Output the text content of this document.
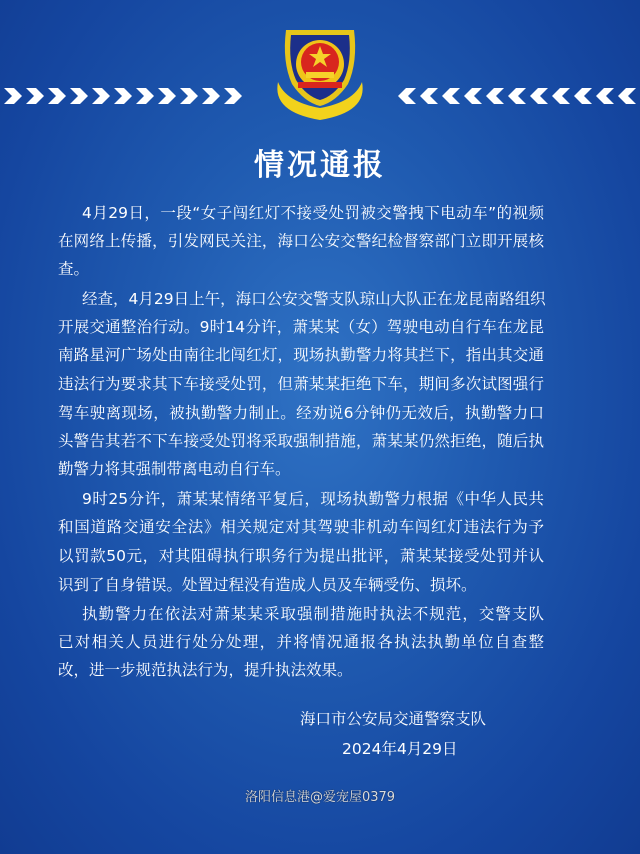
情况通报
4月29日，一段“女子闯红灯不接受处罚被交警拽下电动车”的视频
在网络上传播，引发网民关注，海口公安交警纪检督察部门立即开展核
查。
经查，4月29日上午，海口公安交警支队琼山大队正在龙昆南路组织
开展交通整治行动。9时14分许，萧某某（女）驾驶电动自行车在龙昆
南路星河广场处由南往北闯红灯，现场执勤警力将其拦下，指出其交通
违法行为要求其下车接受处罚，但萧某某拒绝下车，期间多次试图强行
驾车驶离现场，被执勤警力制止。经劝说6分钟仍无效后，执勤警力口
头警告其若不下车接受处罚将采取强制措施，萧某某仍然拒绝，随后执
勤警力将其强制带离电动自行车。
9时25分许，萧某某情绪平复后，现场执勤警力根据《中华人民共
和国道路交通安全法》相关规定对其驾驶非机动车闯红灯违法行为予
以罚款50元，对其阻碍执行职务行为提出批评，萧某某接受处罚并认
识到了自身错误。处置过程没有造成人员及车辆受伤、损坏。
执勤警力在依法对萧某某采取强制措施时执法不规范，交警支队
已对相关人员进行处分处理，并将情况通报各执法执勤单位自查整
改，进一步规范执法行为，提升执法效果。
海口市公安局交通警察支队
2024年4月29日
洛阳信息港@爱宠屋0379
